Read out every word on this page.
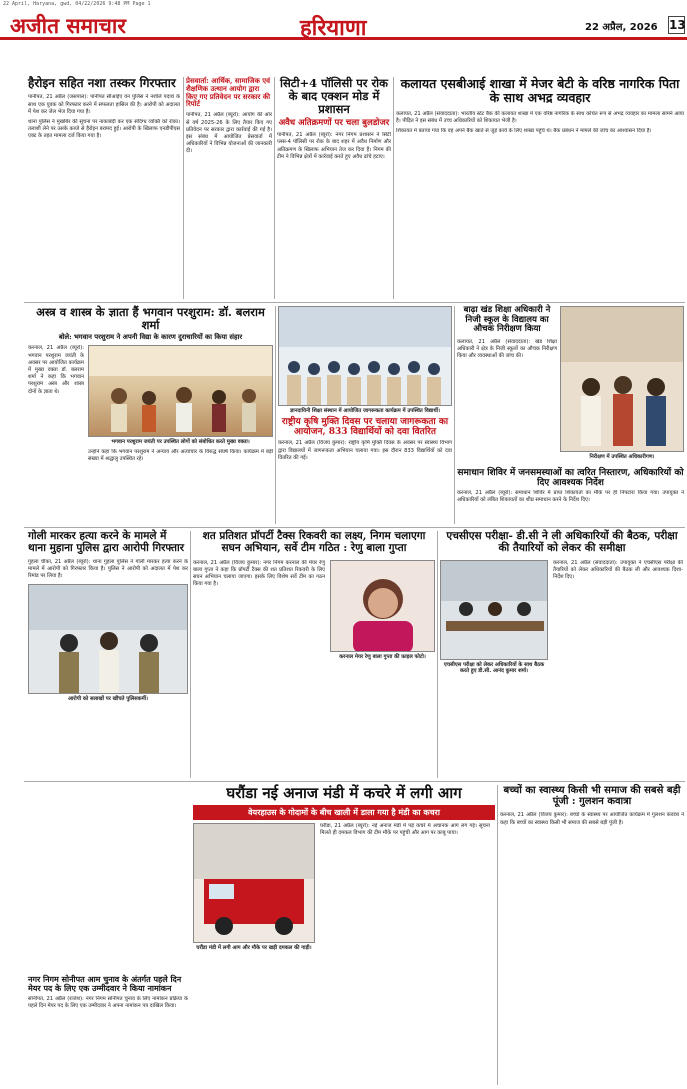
22 April, Haryana, gwd, 04/22/2026 9:48 PM Page 1
अजीत समाचार	हरियाणा	22 अप्रैल, 2026 13
हैरोइन सहित नशा तस्कर गिरफ्तार
पानीपत, 21 अप्रैल (जसपाल): पानीपत सीआईए वन पुलिस ने नशीले पदार्थ के साथ एक युवक को गिरफ्तार करने में सफलता हासिल की है। आरोपी को अदालत में पेश कर जेल भेज दिया गया है।
थाना पुलिस ने मुखबिर की सूचना पर नाकाबंदी कर एक संदिग्ध व्यक्ति को रोका। तलाशी लेने पर उसके कब्जे से हैरोइन बरामद हुई। आरोपी के खिलाफ एनडीपीएस एक्ट के तहत मामला दर्ज किया गया है।
प्रेसवार्ता: आर्थिक, सामाजिक एवं शैक्षणिक उत्थान आयोग द्वारा किए गए प्रतिवेदन पर सरकार की रिपोर्ट
पानीपत, 21 अप्रैल (ब्यूरो): आयोग की ओर से वर्ष 2025-26 के लिए तैयार किए गए प्रतिवेदन पर सरकार द्वारा कार्रवाई की गई है। इस संबंध में आयोजित प्रेसवार्ता में अधिकारियों ने विभिन्न योजनाओं की जानकारी दी।
सिटी+4 पॉलिसी पर रोक के बाद एक्शन मोड में प्रशासन
अवैध अतिक्रमणों पर चला बुलडोजर
पानीपत, 21 अप्रैल (ब्यूरो): नगर निगम प्रशासन ने सिटी प्लस-4 पॉलिसी पर रोक के बाद शहर में अवैध निर्माण और अतिक्रमण के खिलाफ अभियान तेज कर दिया है। निगम की टीम ने विभिन्न क्षेत्रों में कार्रवाई करते हुए अवैध ढांचे हटाए।
कलायत एसबीआई शाखा में मेजर बेटी के वरिष्ठ नागरिक पिता के साथ अभद्र व्यवहार
कलायत, 21 अप्रैल (संवाददाता): भारतीय स्टेट बैंक की कलायत शाखा में एक वरिष्ठ नागरिक के साथ कथित रूप से अभद्र व्यवहार का मामला सामने आया है। पीड़ित ने इस संबंध में उच्च अधिकारियों को शिकायत भेजी है।
शिकायत में बताया गया कि वह अपने बैंक खाते से जुड़े कार्य के लिए शाखा पहुंचे थे। बैंक प्रबंधन ने मामले की जांच का आश्वासन दिया है।
अस्त्र व शास्त्र के ज्ञाता हैं भगवान परशुराम: डॉ. बलराम शर्मा
बोले: भगवान परशुराम ने अपनी विद्या के कारण दुराचारियों का किया संहार
करनाल, 21 अप्रैल (ब्यूरो): भगवान परशुराम जयंती के अवसर पर आयोजित कार्यक्रम में मुख्य वक्ता डॉ. बलराम शर्मा ने कहा कि भगवान परशुराम अस्त्र और शास्त्र दोनों के ज्ञाता थे।
भगवान परशुराम जयंती पर उपस्थित लोगों को संबोधित करते मुख्य वक्ता।
उन्होंने कहा कि भगवान परशुराम ने अन्याय और अत्याचार के विरुद्ध संघर्ष किया। कार्यक्रम में बड़ी संख्या में श्रद्धालु उपस्थित रहे।
ज्ञानदायिनी शिक्षा संस्थान में आयोजित जागरूकता कार्यक्रम में उपस्थित विद्यार्थी।
राष्ट्रीय कृषि मुक्ति दिवस पर चलाया जागरूकता का आयोजन, 833 विद्यार्थियों को दवा वितरित
करनाल, 21 अप्रैल (विजय कुमार): राष्ट्रीय कृमि मुक्ति दिवस के अवसर पर स्वास्थ्य विभाग द्वारा विद्यालयों में जागरूकता अभियान चलाया गया। इस दौरान 833 विद्यार्थियों को दवा वितरित की गई।
बाढ़ा खंड शिक्षा अधिकारी ने निजी स्कूल के विद्यालय का औचक निरीक्षण किया
कलायत, 21 अप्रैल (संवाददाता): खंड शिक्षा अधिकारी ने क्षेत्र के निजी स्कूलों का औचक निरीक्षण किया और व्यवस्थाओं की जांच की।
निरीक्षण में उपस्थित अधिकारीगण।
समाधान शिविर में जनसमस्याओं का त्वरित निस्तारण, अधिकारियों को दिए आवश्यक निर्देश
करनाल, 21 अप्रैल (ब्यूरो): समाधान शिविर में प्राप्त शिकायतों का मौके पर ही निपटारा किया गया। उपायुक्त ने अधिकारियों को लंबित शिकायतों का शीघ्र समाधान करने के निर्देश दिए।
गोली मारकर हत्या करने के मामले में थाना मुहाना पुलिस द्वारा आरोपी गिरफ्तार
गुहला चीका, 21 अप्रैल (ब्यूरो): थाना गुहला पुलिस ने गोली मारकर हत्या करने के मामले में आरोपी को गिरफ्तार किया है। पुलिस ने आरोपी को अदालत में पेश कर रिमांड पर लिया है।
आरोपी को सलाखों पर खींचते पुलिसकर्मी।
शत प्रतिशत प्रॉपर्टी टैक्स रिकवरी का लक्ष्य, निगम चलाएगा सघन अभियान, सर्वे टीम गठित : रेणु बाला गुप्ता
करनाल, 21 अप्रैल (विजय कुमार): नगर निगम करनाल की मेयर रेणु बाला गुप्ता ने कहा कि प्रॉपर्टी टैक्स की शत प्रतिशत रिकवरी के लिए सघन अभियान चलाया जाएगा। इसके लिए विशेष सर्वे टीम का गठन किया गया है।
करनाल मेयर रेणु बाला गुप्ता की फ़ाइल फोटो।
एचसीएस परीक्षा- डी.सी ने ली अधिकारियों की बैठक, परीक्षा की तैयारियों को लेकर की समीक्षा
एचसीएस परीक्षा को लेकर अधिकारियों के साथ बैठक करते हुए डी.सी. आनंद कुमार शर्मा।
करनाल, 21 अप्रैल (संवाददाता): उपायुक्त ने एचसीएस परीक्षा की तैयारियों को लेकर अधिकारियों की बैठक ली और आवश्यक दिशा-निर्देश दिए।
घरौंडा नई अनाज मंडी में कचरे में लगी आग
वेयरहाउस के गोदामों के बीच खाली में डाला गया है मंडी का कचरा
घरौंडा मंडी में लगी आग और मौके पर खड़ी दमकल की गाड़ी।
घरौंडा, 21 अप्रैल (ब्यूरो): नई अनाज मंडी में पड़े कचरे में अचानक आग लग गई। सूचना मिलते ही दमकल विभाग की टीम मौके पर पहुंची और आग पर काबू पाया।
बच्चों का स्वास्थ्य किसी भी समाज की सबसे बड़ी पूंजी : गुलशन कवात्रा
करनाल, 21 अप्रैल (विजय कुमार): बच्चों के स्वास्थ्य पर आयोजित कार्यक्रम में गुलशन कवात्रा ने कहा कि बच्चों का स्वास्थ्य किसी भी समाज की सबसे बड़ी पूंजी है।
नगर निगम सोनीपत आम चुनाव के अंतर्गत पहले दिन मेयर पद के लिए एक उम्मीदवार ने किया नामांकन
सोनीपत, 21 अप्रैल (राजेश): नगर निगम सोनीपत चुनाव के लिए नामांकन प्रक्रिया के पहले दिन मेयर पद के लिए एक उम्मीदवार ने अपना नामांकन पत्र दाखिल किया।
